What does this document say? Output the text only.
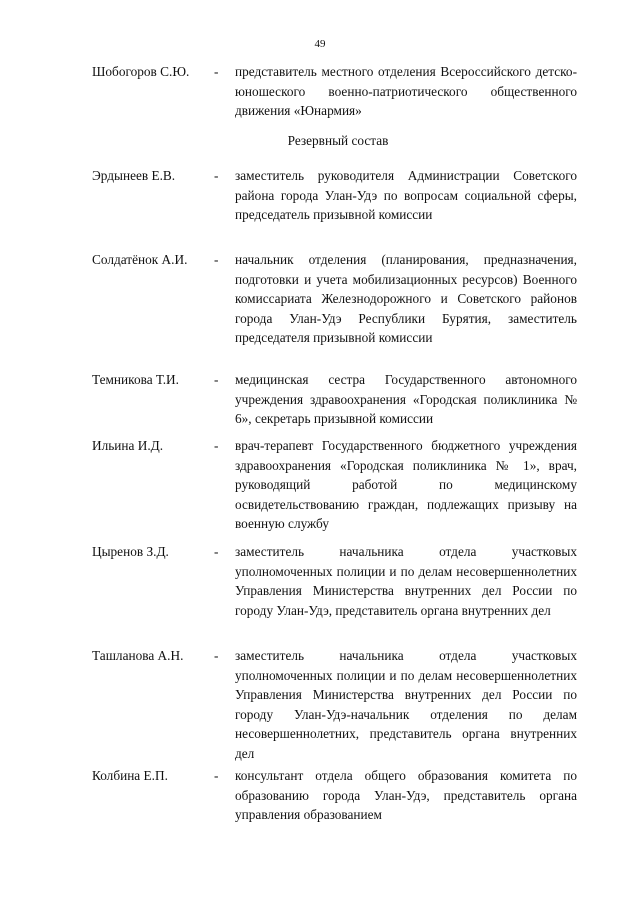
49
Шобогоров С.Ю.	- представитель местного отделения Всероссийского детско-юношеского военно-патриотического общественного движения «Юнармия»
Резервный состав
Эрдынеев Е.В.	- заместитель руководителя Администрации Советского района города Улан-Удэ по вопросам социальной сферы, председатель призывной комиссии
Солдатёнок А.И.	- начальник отделения (планирования, предназначения, подготовки и учета мобилизационных ресурсов) Военного комиссариата Железнодорожного и Советского районов города Улан-Удэ Республики Бурятия, заместитель председателя призывной комиссии
Темникова Т.И.	- медицинская сестра Государственного автономного учреждения здравоохранения «Городская поликлиника № 6», секретарь призывной комиссии
Ильина И.Д.	- врач-терапевт Государственного бюджетного учреждения здравоохранения «Городская поликлиника № 1», врач, руководящий работой по медицинскому освидетельствованию граждан, подлежащих призыву на военную службу
Цыренов З.Д.	- заместитель начальника отдела участковых уполномоченных полиции и по делам несовершеннолетних Управления Министерства внутренних дел России по городу Улан-Удэ, представитель органа внутренних дел
Ташланова А.Н.	- заместитель начальника отдела участковых уполномоченных полиции и по делам несовершеннолетних Управления Министерства внутренних дел России по городу Улан-Удэ-начальник отделения по делам несовершеннолетних, представитель органа внутренних дел
Колбина Е.П.	- консультант отдела общего образования комитета по образованию города Улан-Удэ, представитель органа управления образованием
